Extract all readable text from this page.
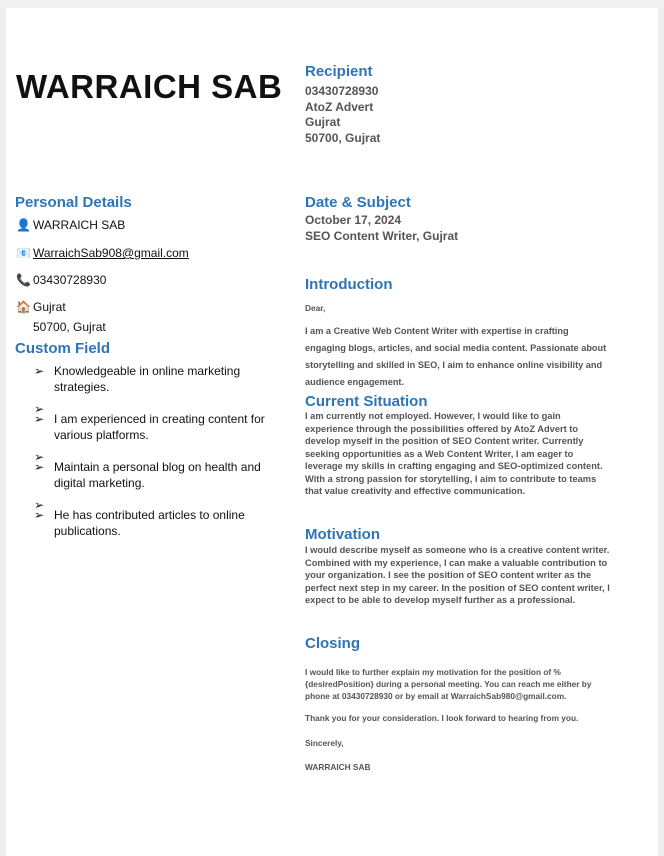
WARRAICH SAB Recipient
03430728930
AtoZ Advert
Gujrat
50700, Gujrat
Personal Details
👤 WARRAICH SAB
📧 WarraichSab908@gmail.com
📞 03430728930
🏠 Gujrat
50700, Gujrat
Custom Field
➢ Knowledgeable in online marketing strategies.
➢
➢ I am experienced in creating content for various platforms.
➢
➢ Maintain a personal blog on health and digital marketing.
➢
➢ He has contributed articles to online publications.
Date & Subject
October 17, 2024
SEO Content Writer, Gujrat
Introduction
Dear,
I am a Creative Web Content Writer with expertise in crafting engaging blogs, articles, and social media content. Passionate about storytelling and skilled in SEO, I aim to enhance online visibility and audience engagement.
Current Situation
I am currently not employed. However, I would like to gain experience through the possibilities offered by AtoZ Advert to develop myself in the position of SEO Content writer. Currently seeking opportunities as a Web Content Writer, I am eager to leverage my skills in crafting engaging and SEO-optimized content. With a strong passion for storytelling, I aim to contribute to teams that value creativity and effective communication.
Motivation
I would describe myself as someone who is a creative content writer. Combined with my experience, I can make a valuable contribution to your organization. I see the position of SEO content writer as the perfect next step in my career. In the position of SEO content writer, I expect to be able to develop myself further as a professional.
Closing
I would like to further explain my motivation for the position of %{desiredPosition} during a personal meeting. You can reach me either by phone at 03430728930 or by email at WarraichSab980@gmail.com.
Thank you for your consideration. I look forward to hearing from you.
Sincerely,
WARRAICH SAB
